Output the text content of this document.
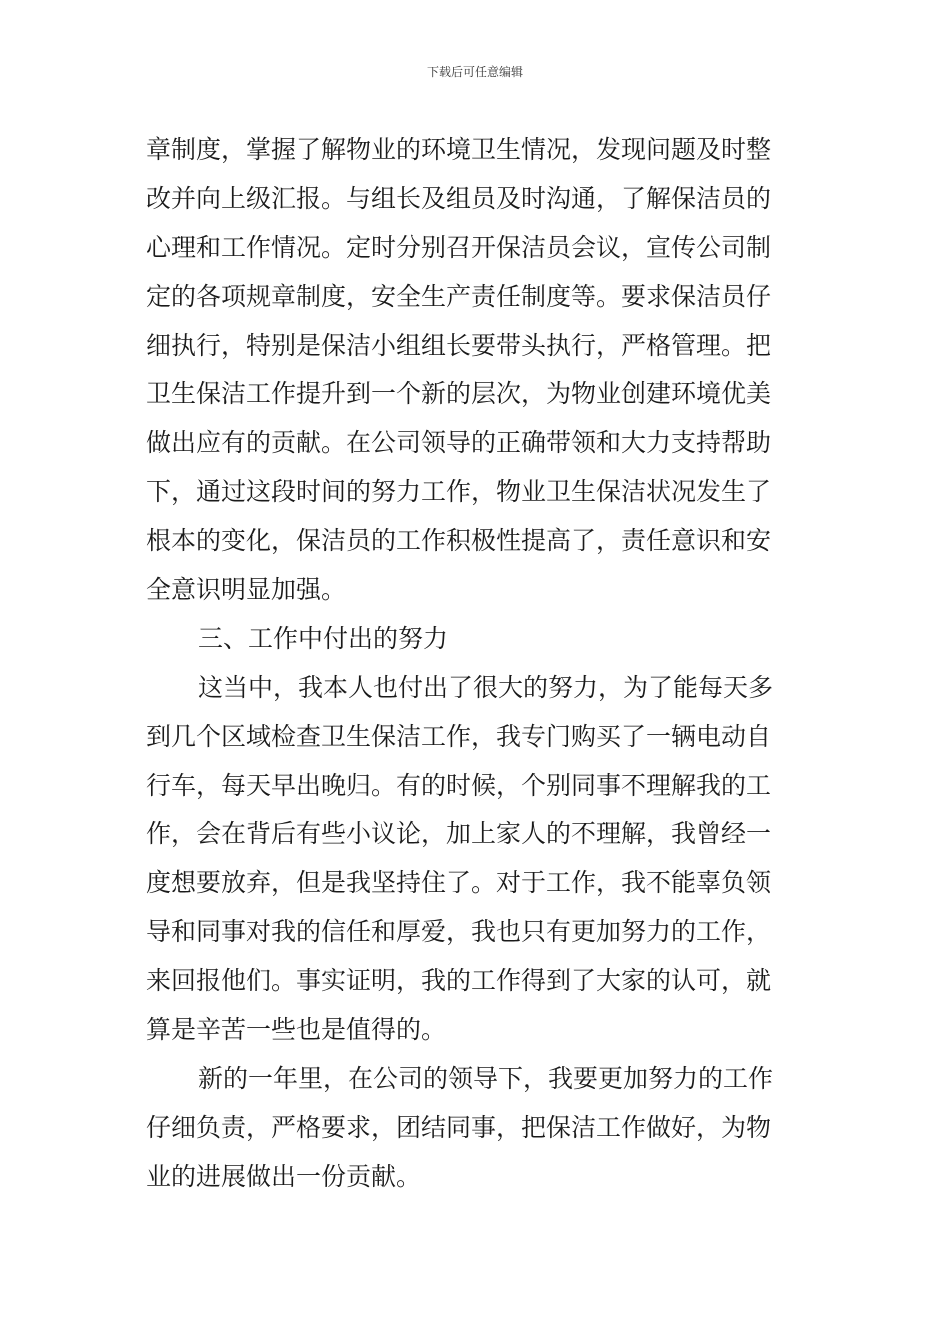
下载后可任意编辑
章制度，掌握了解物业的环境卫生情况，发现问题及时整
改并向上级汇报。与组长及组员及时沟通，了解保洁员的
心理和工作情况。定时分别召开保洁员会议，宣传公司制
定的各项规章制度，安全生产责任制度等。要求保洁员仔
细执行，特别是保洁小组组长要带头执行，严格管理。把
卫生保洁工作提升到一个新的层次，为物业创建环境优美
做出应有的贡献。在公司领导的正确带领和大力支持帮助
下，通过这段时间的努力工作，物业卫生保洁状况发生了
根本的变化，保洁员的工作积极性提高了，责任意识和安
全意识明显加强。
三、工作中付出的努力
这当中，我本人也付出了很大的努力，为了能每天多
到几个区域检查卫生保洁工作，我专门购买了一辆电动自
行车，每天早出晚归。有的时候，个别同事不理解我的工
作，会在背后有些小议论，加上家人的不理解，我曾经一
度想要放弃，但是我坚持住了。对于工作，我不能辜负领
导和同事对我的信任和厚爱，我也只有更加努力的工作，
来回报他们。事实证明，我的工作得到了大家的认可，就
算是辛苦一些也是值得的。
新的一年里，在公司的领导下，我要更加努力的工作
仔细负责，严格要求，团结同事，把保洁工作做好，为物
业的进展做出一份贡献。
